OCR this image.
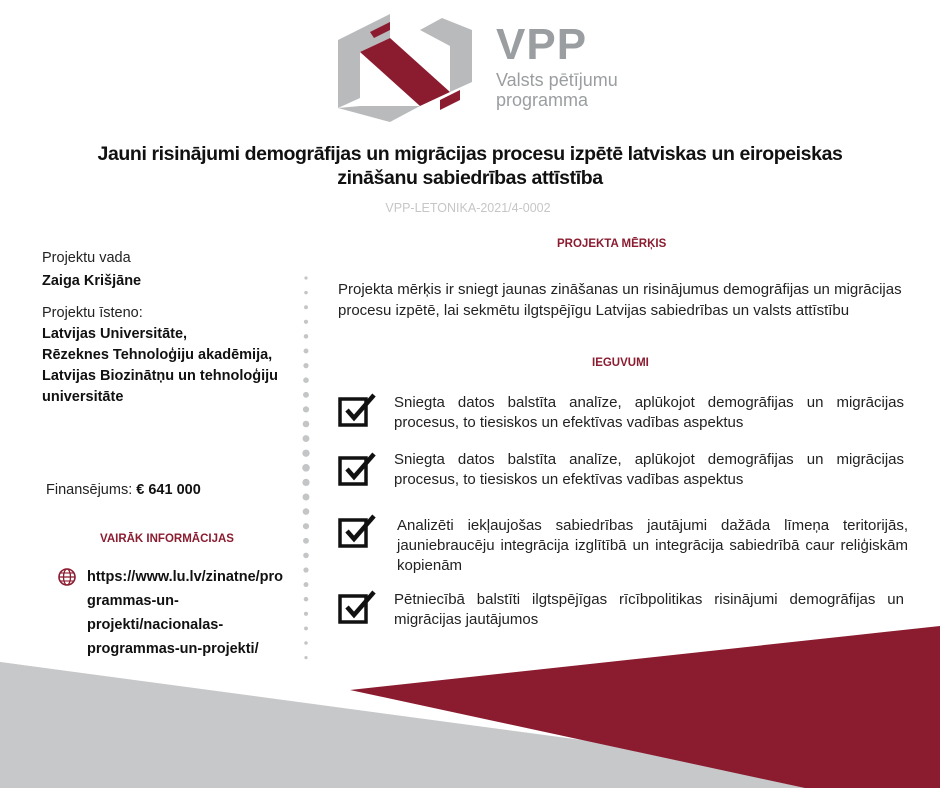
VPP
Valsts pētījumu
programma
Jauni risinājumi demogrāfijas un migrācijas procesu izpētē latviskas un eiropeiskas
zināšanu sabiedrības attīstība
VPP-LETONIKA-2021/4-0002
Projektu vada
Zaiga Krišjāne
Projektu īsteno:
Latvijas Universitāte,
Rēzeknes Tehnoloģiju akadēmija,
Latvijas Biozinātņu un tehnoloģiju
universitāte
Finansējums: € 641 000
VAIRĀK INFORMĀCIJAS
https://www.lu.lv/zinatne/pro
grammas-un-
projekti/nacionalas-
programmas-un-projekti/
PROJEKTA MĒRĶIS
Projekta mērķis ir sniegt jaunas zināšanas un risinājumus demogrāfijas un migrācijas procesu izpētē, lai sekmētu ilgtspējīgu Latvijas sabiedrības un valsts attīstību
IEGUVUMI
Sniegta datos balstīta analīze, aplūkojot demogrāfijas un migrācijas procesus, to tiesiskos un efektīvas vadības aspektus
Sniegta datos balstīta analīze, aplūkojot demogrāfijas un migrācijas procesus, to tiesiskos un efektīvas vadības aspektus
Analizēti iekļaujošas sabiedrības jautājumi dažāda līmeņa teritorijās, jauniebraucēju integrācija izglītībā un integrācija sabiedrībā caur reliģiskām kopienām
Pētniecībā balstīti ilgtspējīgas rīcībpolitikas risinājumi demogrāfijas un migrācijas jautājumos
